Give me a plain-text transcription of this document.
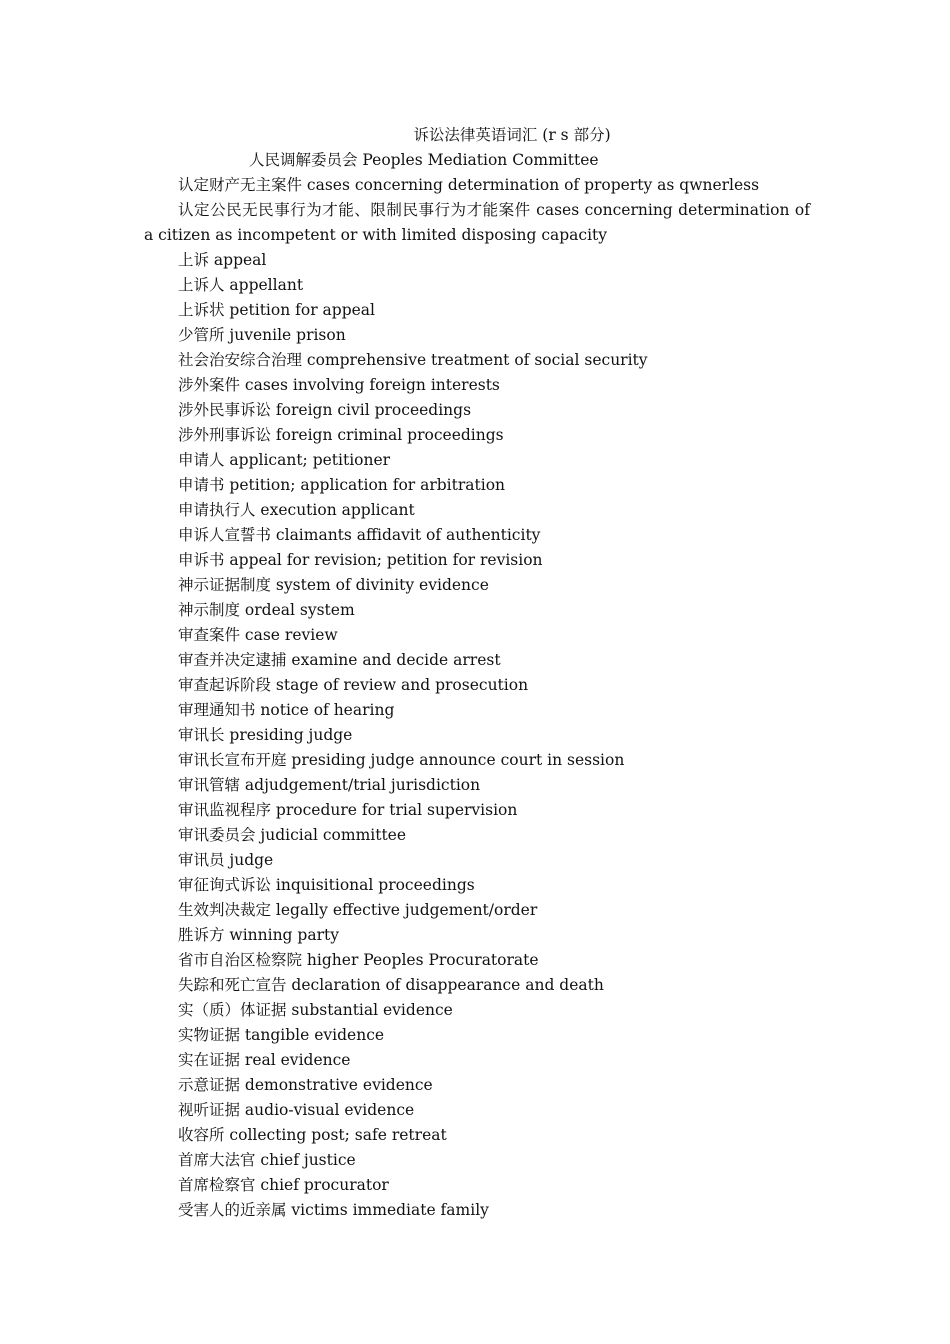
诉讼法律英语词汇 (r s 部分)
人民调解委员会 Peoples Mediation Committee
认定财产无主案件 cases concerning determination of property as qwnerless
认定公民无民事行为才能、限制民事行为才能案件 cases concerning determination of a citizen as incompetent or with limited disposing capacity
上诉 appeal
上诉人 appellant
上诉状 petition for appeal
少管所 juvenile prison
社会治安综合治理 comprehensive treatment of social security
涉外案件 cases involving foreign interests
涉外民事诉讼 foreign civil proceedings
涉外刑事诉讼 foreign criminal proceedings
申请人 applicant; petitioner
申请书 petition; application for arbitration
申请执行人 execution applicant
申诉人宣誓书 claimants affidavit of authenticity
申诉书 appeal for revision; petition for revision
神示证据制度 system of divinity evidence
神示制度 ordeal system
审查案件 case review
审查并决定逮捕 examine and decide arrest
审查起诉阶段 stage of review and prosecution
审理通知书 notice of hearing
审讯长 presiding judge
审讯长宣布开庭 presiding judge announce court in session
审讯管辖 adjudgement/trial jurisdiction
审讯监视程序 procedure for trial supervision
审讯委员会 judicial committee
审讯员 judge
审征询式诉讼 inquisitional proceedings
生效判决裁定 legally effective judgement/order
胜诉方 winning party
省市自治区检察院 higher Peoples Procuratorate
失踪和死亡宣告 declaration of disappearance and death
实（质）体证据 substantial evidence
实物证据 tangible evidence
实在证据 real evidence
示意证据 demonstrative evidence
视听证据 audio-visual evidence
收容所 collecting post; safe retreat
首席大法官 chief justice
首席检察官 chief procurator
受害人的近亲属 victims immediate family
